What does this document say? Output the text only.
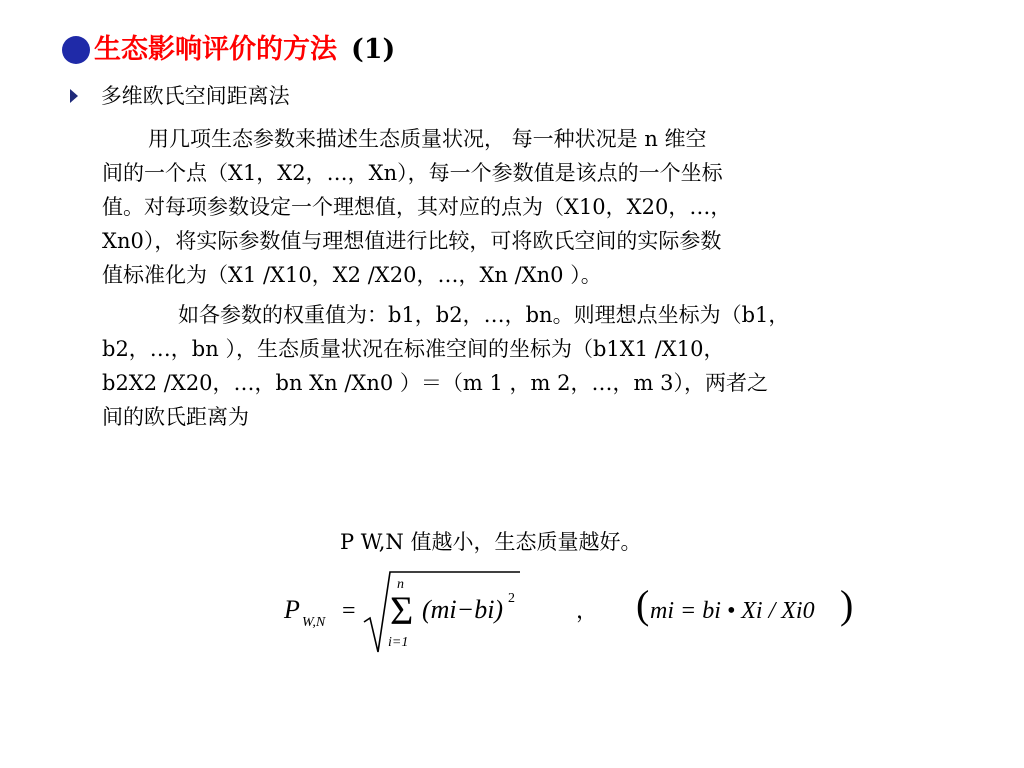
生态影响评价的方法 (1)
多维欧氏空间距离法
用几项生态参数来描述生态质量状况， 每一种状况是 n 维空
间的一个点（X1，X2，…，Xn），每一个参数值是该点的一个坐标
值。对每项参数设定一个理想值，其对应的点为（X10，X20，…，
Xn0），将实际参数值与理想值进行比较，可将欧氏空间的实际参数
值标准化为（X1 /X10，X2 /X20，…，Xn /Xn0 ）。
如各参数的权重值为：b1，b2，…，bn。则理想点坐标为（b1，
b2，…，bn ），生态质量状况在标准空间的坐标为（b1X1 /X10，
b2X2 /X20，…，bn Xn /Xn0 ）＝（m 1 ，m 2，…，m 3），两者之
间的欧氏距离为
P W,N 值越小，生态质量越好。
P W,N =
n
Σ
i=1
(mi−bi) 2	， ( mi = bi • Xi / Xi0 )
